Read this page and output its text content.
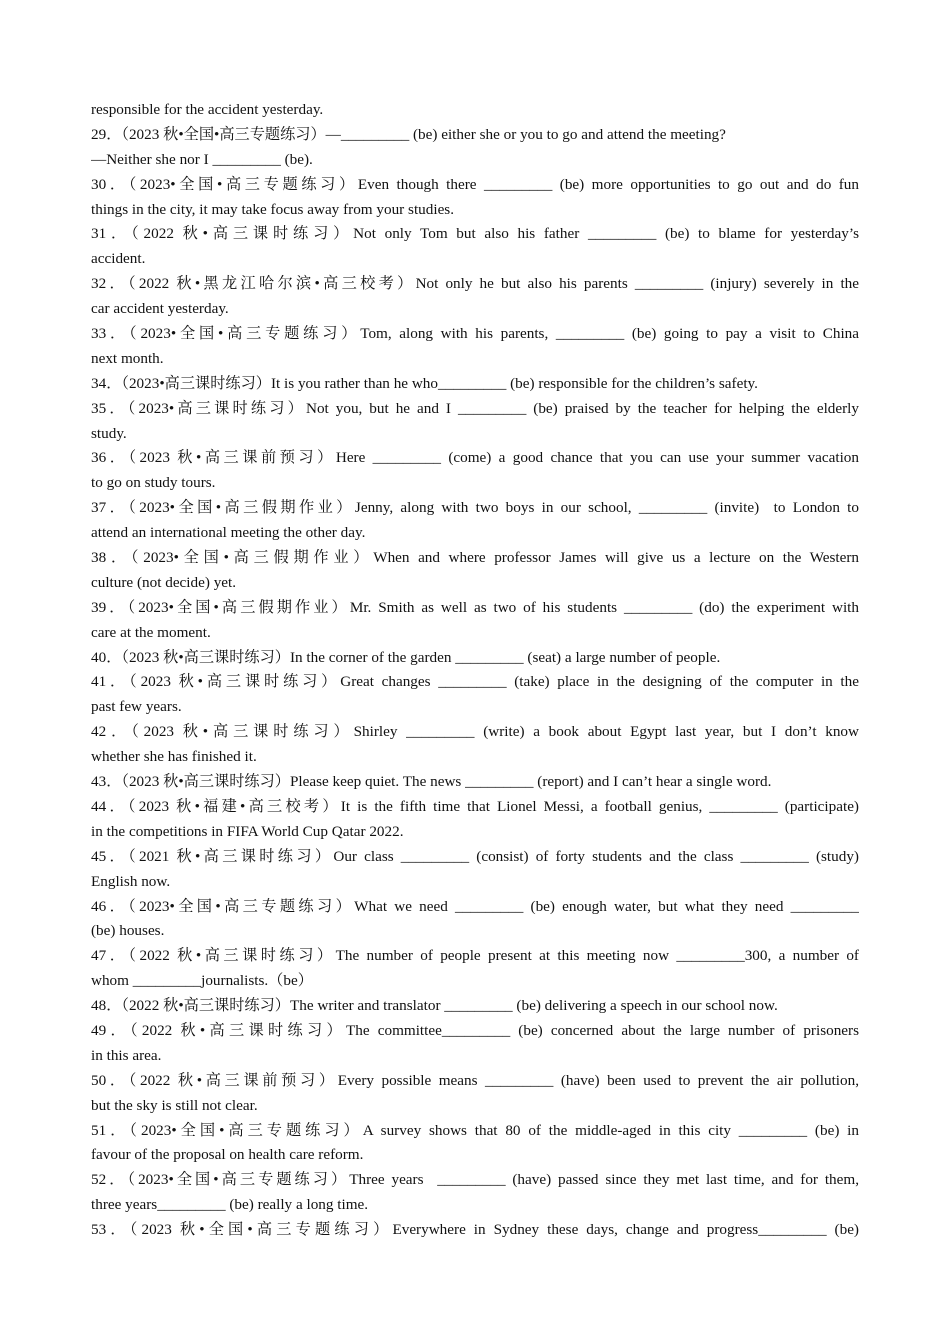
responsible for the accident yesterday.
29．（2023 秋•全国•高三专题练习）—_________ (be) either she or you to go and attend the meeting?
—Neither she nor I _________ (be).
30．（2023•全国•高三专题练习）Even though there _________ (be) more opportunities to go out and do fun
things in the city, it may take focus away from your studies.
31．（2022 秋•高三课时练习）Not only Tom but also his father _________ (be) to blame for yesterday’s
accident.
32．（2022 秋•黑龙江哈尔滨•高三校考）Not only he but also his parents _________ (injury) severely in the
car accident yesterday.
33．（2023•全国•高三专题练习）Tom, along with his parents, _________ (be) going to pay a visit to China
next month.
34．（2023•高三课时练习）It is you rather than he who_________ (be) responsible for the children’s safety.
35．（2023•高三课时练习）Not you, but he and I _________ (be) praised by the teacher for helping the elderly
study.
36．（2023 秋•高三课前预习）Here _________ (come) a good chance that you can use your summer vacation
to go on study tours.
37．（2023•全国•高三假期作业）Jenny, along with two boys in our school, _________ (invite)  to London to
attend an international meeting the other day.
38．（2023•全国•高三假期作业）When and where professor James will give us a lecture on the Western
culture (not decide) yet.
39．（2023•全国•高三假期作业）Mr. Smith as well as two of his students _________ (do) the experiment with
care at the moment.
40．（2023 秋•高三课时练习）In the corner of the garden _________ (seat) a large number of people.
41．（2023 秋•高三课时练习）Great changes _________ (take) place in the designing of the computer in the
past few years.
42．（2023 秋•高三课时练习）Shirley _________ (write) a book about Egypt last year, but I don’t know
whether she has finished it.
43．（2023 秋•高三课时练习）Please keep quiet. The news _________ (report) and I can’t hear a single word.
44．（2023 秋•福建•高三校考）It is the fifth time that Lionel Messi, a football genius, _________ (participate)
in the competitions in FIFA World Cup Qatar 2022.
45．（2021 秋•高三课时练习）Our class _________ (consist) of forty students and the class _________ (study)
English now.
46．（2023•全国•高三专题练习）What we need _________ (be) enough water, but what they need _________
(be) houses.
47．（2022 秋•高三课时练习）The number of people present at this meeting now _________300, a number of
whom _________journalists.（be）
48．（2022 秋•高三课时练习）The writer and translator _________ (be) delivering a speech in our school now.
49．（2022 秋•高三课时练习）The committee_________ (be) concerned about the large number of prisoners
in this area.
50．（2022 秋•高三课前预习）Every possible means _________ (have) been used to prevent the air pollution,
but the sky is still not clear.
51．（2023•全国•高三专题练习）A survey shows that 80 of the middle-aged in this city _________ (be) in
favour of the proposal on health care reform.
52．（2023•全国•高三专题练习）Three years  _________ (have) passed since they met last time, and for them,
three years_________ (be) really a long time.
53．（2023 秋•全国•高三专题练习）Everywhere in Sydney these days, change and progress_________ (be)
